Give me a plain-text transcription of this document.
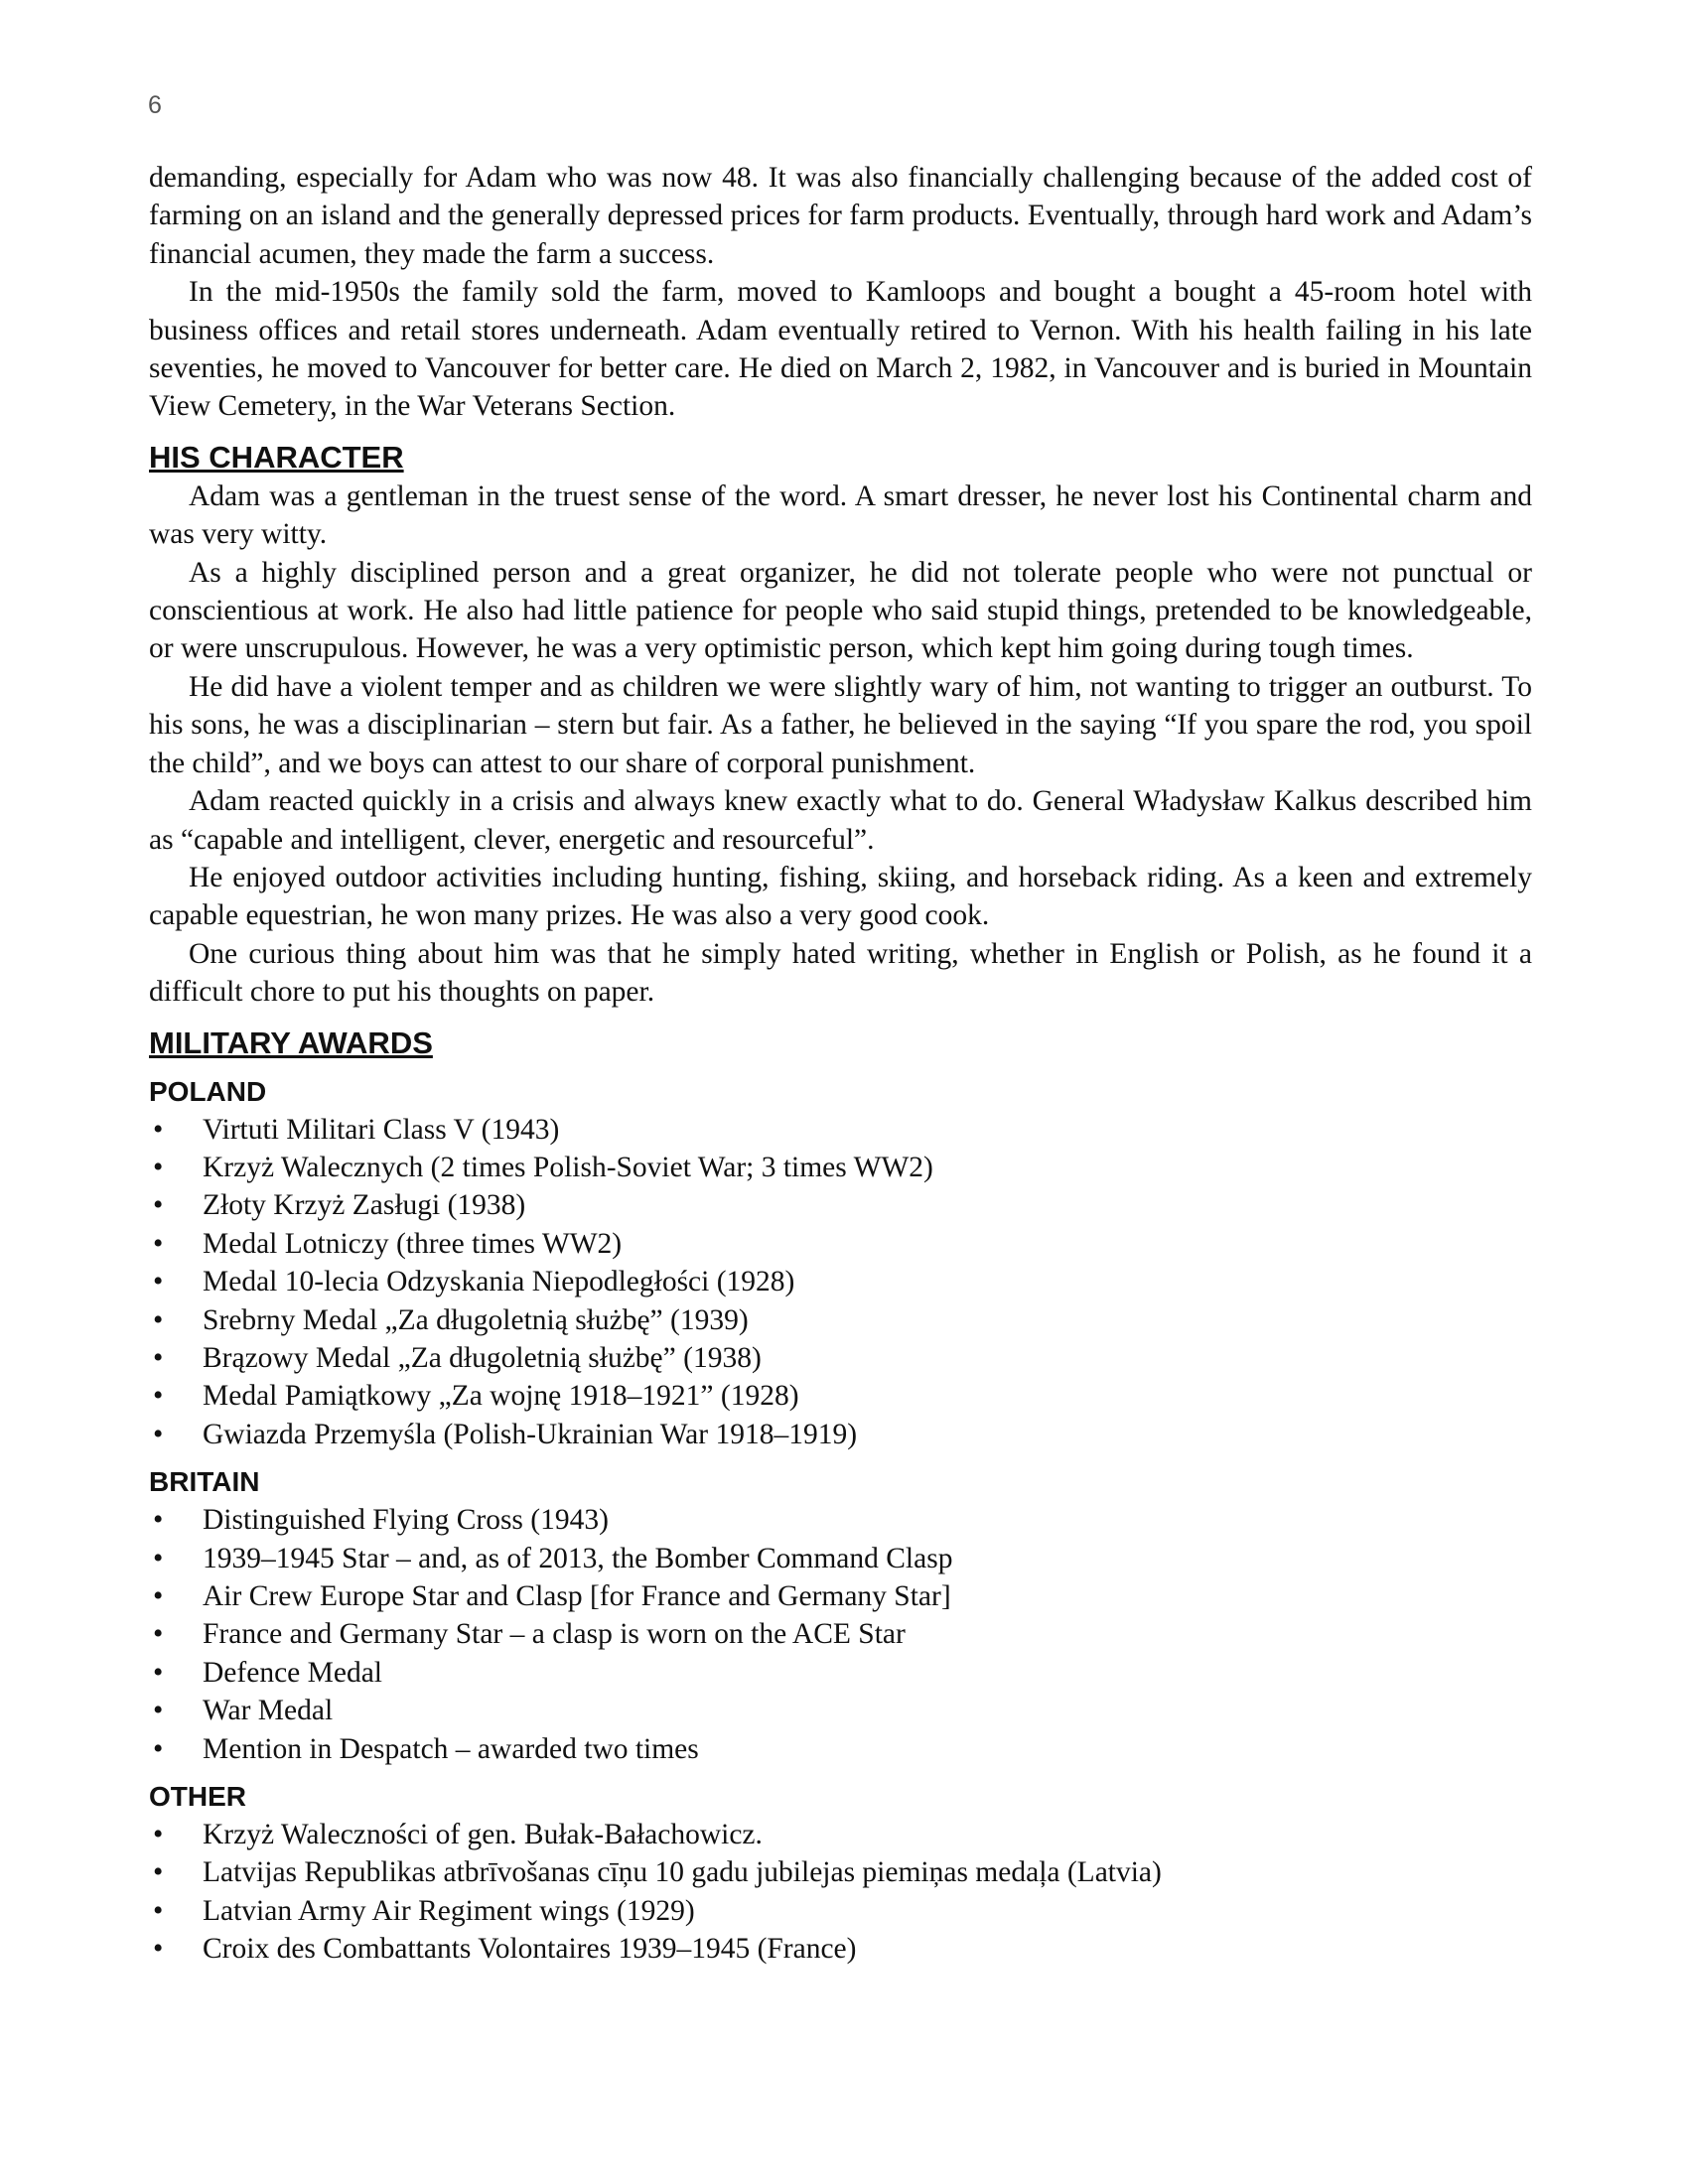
6

demanding, especially for Adam who was now 48. It was also financially challenging because of the added cost of farming on an island and the generally depressed prices for farm products. Eventually, through hard work and Adam’s financial acumen, they made the farm a success.

In the mid-1950s the family sold the farm, moved to Kamloops and bought a bought a 45-room hotel with business offices and retail stores underneath. Adam eventually retired to Vernon. With his health failing in his late seventies, he moved to Vancouver for better care. He died on March 2, 1982, in Vancouver and is buried in Mountain View Cemetery, in the War Veterans Section.

HIS CHARACTER

Adam was a gentleman in the truest sense of the word. A smart dresser, he never lost his Continental charm and was very witty.

As a highly disciplined person and a great organizer, he did not tolerate people who were not punctual or conscientious at work. He also had little patience for people who said stupid things, pretended to be knowledgeable, or were unscrupulous. However, he was a very optimistic person, which kept him going during tough times.

He did have a violent temper and as children we were slightly wary of him, not wanting to trigger an outburst. To his sons, he was a disciplinarian – stern but fair. As a father, he believed in the saying “If you spare the rod, you spoil the child”, and we boys can attest to our share of corporal punishment.

Adam reacted quickly in a crisis and always knew exactly what to do. General Władysław Kalkus described him as “capable and intelligent, clever, energetic and resourceful”.

He enjoyed outdoor activities including hunting, fishing, skiing, and horseback riding. As a keen and extremely capable equestrian, he won many prizes. He was also a very good cook.

One curious thing about him was that he simply hated writing, whether in English or Polish, as he found it a difficult chore to put his thoughts on paper.

MILITARY AWARDS
POLAND
• Virtuti Militari Class V (1943)
• Krzyż Walecznych (2 times Polish-Soviet War; 3 times WW2)
• Złoty Krzyż Zasługi (1938)
• Medal Lotniczy (three times WW2)
• Medal 10-lecia Odzyskania Niepodległości (1928)
• Srebrny Medal „Za długoletnią służbę” (1939)
• Brązowy Medal „Za długoletnią służbę” (1938)
• Medal Pamiątkowy „Za wojnę 1918–1921” (1928)
• Gwiazda Przemyśla (Polish-Ukrainian War 1918–1919)
BRITAIN
• Distinguished Flying Cross (1943)
• 1939–1945 Star – and, as of 2013, the Bomber Command Clasp
• Air Crew Europe Star and Clasp [for France and Germany Star]
• France and Germany Star – a clasp is worn on the ACE Star
• Defence Medal
• War Medal
• Mention in Despatch – awarded two times
OTHER
• Krzyż Waleczności of gen. Bułak-Bałachowicz.
• Latvijas Republikas atbrīvošanas cīņu 10 gadu jubilejas piemiņas medaļa (Latvia)
• Latvian Army Air Regiment wings (1929)
• Croix des Combattants Volontaires 1939–1945 (France)
